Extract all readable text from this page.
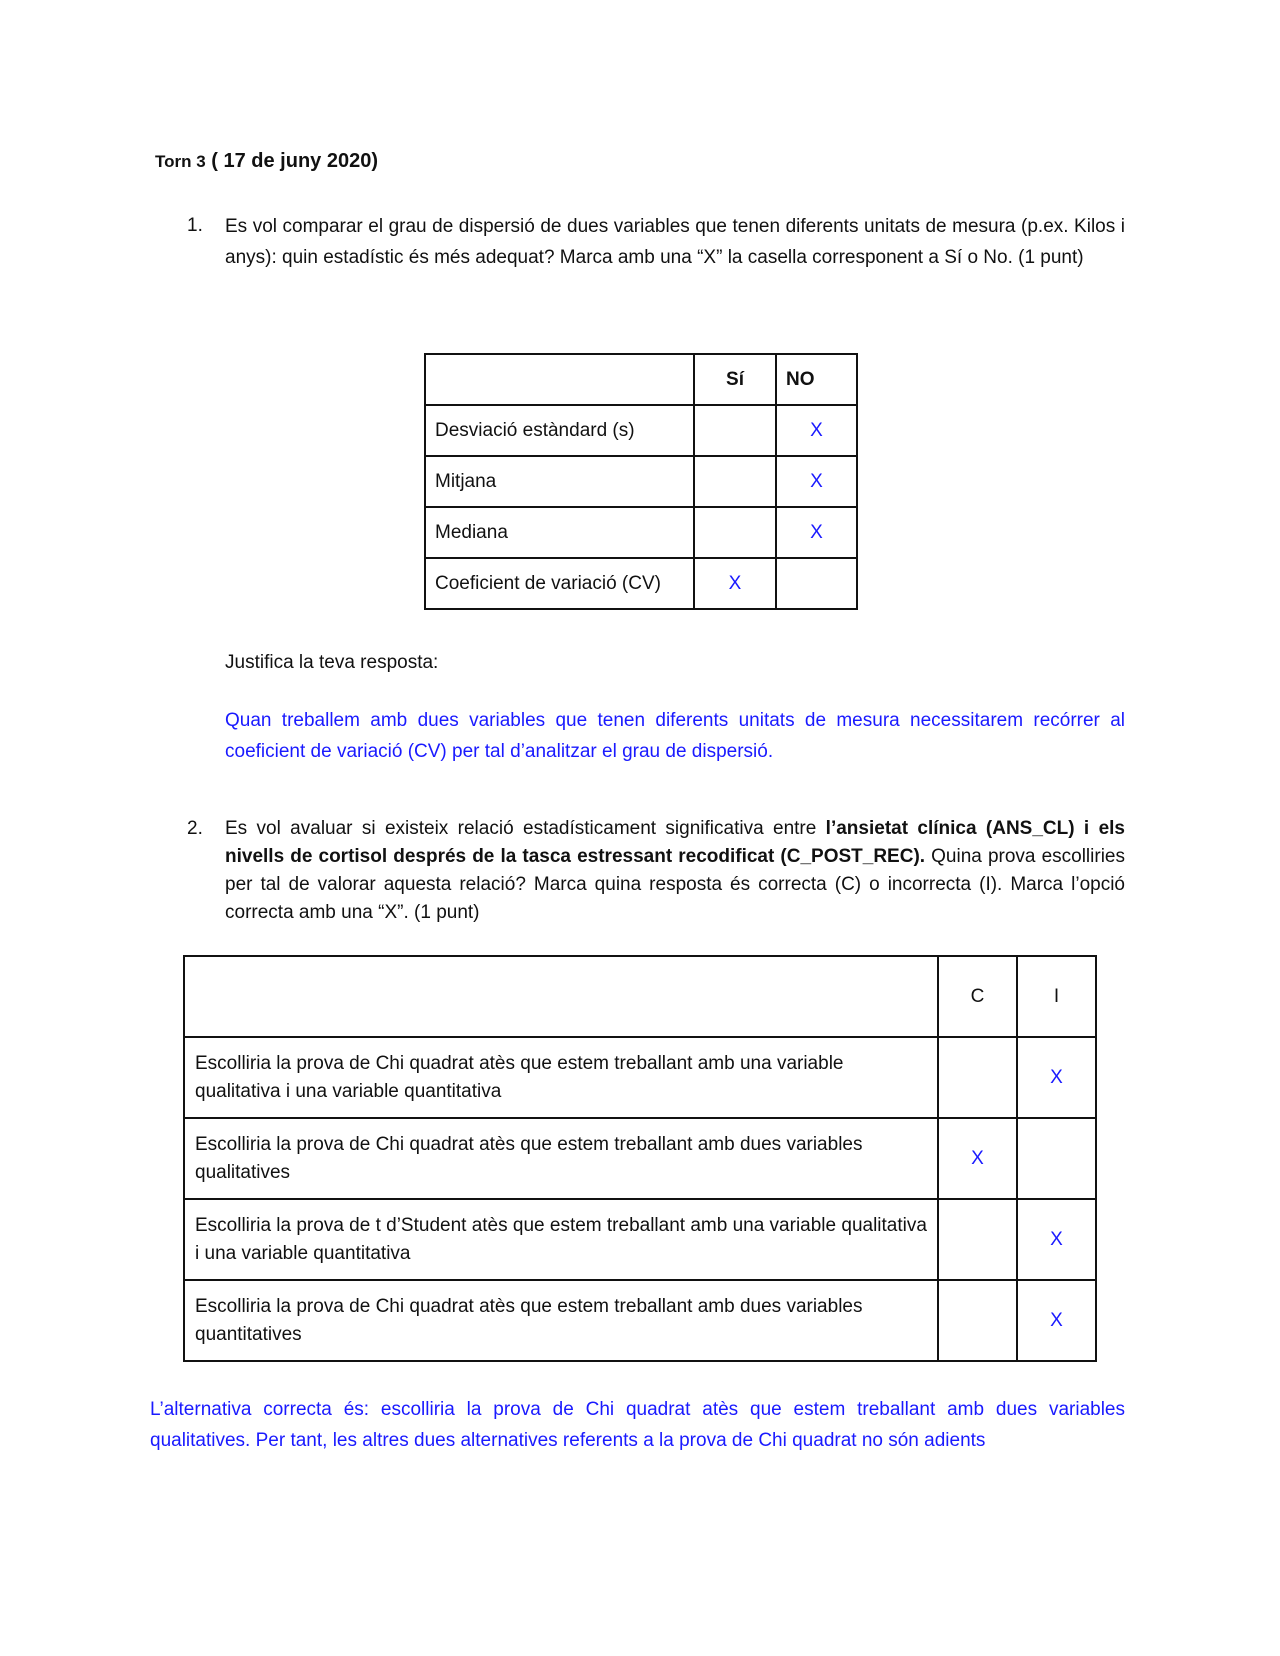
Torn 3 ( 17 de juny 2020)
1. Es vol comparar el grau de dispersió de dues variables que tenen diferents unitats de mesura (p.ex. Kilos i anys): quin estadístic és més adequat? Marca amb una “X” la casella corresponent a Sí o No. (1 punt)
	Sí	NO
Desviació estàndard (s)		X
Mitjana		X
Mediana		X
Coeficient de variació (CV)	X	
Justifica la teva resposta:
Quan treballem amb dues variables que tenen diferents unitats de mesura necessitarem recórrer al coeficient de variació (CV) per tal d’analitzar el grau de dispersió.
2. Es vol avaluar si existeix relació estadísticament significativa entre l’ansietat clínica (ANS_CL) i els nivells de cortisol després de la tasca estressant recodificat (C_POST_REC). Quina prova escolliries per tal de valorar aquesta relació? Marca quina resposta és correcta (C) o incorrecta (I). Marca l’opció correcta amb una “X”. (1 punt)
	C	I
Escolliria la prova de Chi quadrat atès que estem treballant amb una variable qualitativa i una variable quantitativa		X
Escolliria la prova de Chi quadrat atès que estem treballant amb dues variables qualitatives	X	
Escolliria la prova de t d’Student atès que estem treballant amb una variable qualitativa i una variable quantitativa		X
Escolliria la prova de Chi quadrat atès que estem treballant amb dues variables quantitatives		X
L’alternativa correcta és: escolliria la prova de Chi quadrat atès que estem treballant amb dues variables qualitatives. Per tant, les altres dues alternatives referents a la prova de Chi quadrat no són adients
